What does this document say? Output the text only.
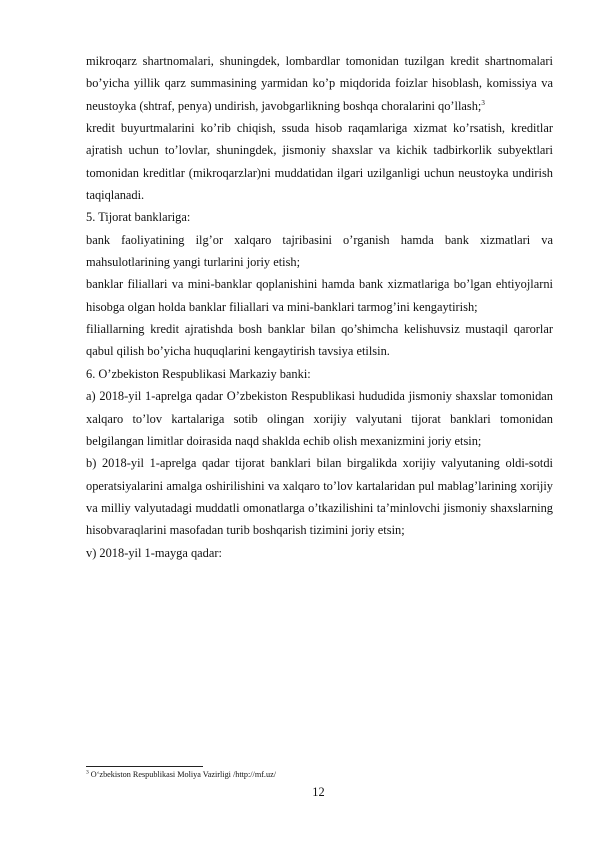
mikroqarz shartnomalari, shuningdek, lombardlar tomonidan tuzilgan kredit shartnomalari bo’yicha yillik qarz summasining yarmidan ko’p miqdorida foizlar hisoblash, komissiya va neustoyka (shtraf, penya) undirish, javobgarlikning boshqa choralarini qo’llash;$^3$

kredit buyurtmalarini ko’rib chiqish, ssuda hisob raqamlariga xizmat ko’rsatish, kreditlar ajratish uchun to’lovlar, shuningdek, jismoniy shaxslar va kichik tadbirkorlik subyektlari tomonidan kreditlar (mikroqarzlar)ni muddatidan ilgari uzilganligi uchun neustoyka undirish taqiqlanadi.

5. Tijorat banklariga:

bank faoliyatining ilg’or xalqaro tajribasini o’rganish hamda bank xizmatlari va mahsulotlarining yangi turlarini joriy etish;

banklar filiallari va mini-banklar qoplanishini hamda bank xizmatlariga bo’lgan ehtiyojlarni hisobga olgan holda banklar filiallari va mini-banklari tarmog’ini kengaytirish;

filiallarning kredit ajratishda bosh banklar bilan qo’shimcha kelishuvsiz mustaqil qarorlar qabul qilish bo’yicha huquqlarini kengaytirish tavsiya etilsin.

6. O’zbekiston Respublikasi Markaziy banki:

a) 2018-yil 1-aprelga qadar O’zbekiston Respublikasi hududida jismoniy shaxslar tomonidan xalqaro to’lov kartalariga sotib olingan xorijiy valyutani tijorat banklari tomonidan belgilangan limitlar doirasida naqd shaklda echib olish mexanizmini joriy etsin;

b) 2018-yil 1-aprelga qadar tijorat banklari bilan birgalikda xorijiy valyutaning oldi-sotdi operatsiyalarini amalga oshirilishini va xalqaro to’lov kartalaridan pul mablag’larining xorijiy va milliy valyutadagi muddatli omonatlarga o’tkazilishini ta’minlovchi jismoniy shaxslarning hisobvaraqlarini masofadan turib boshqarish tizimini joriy etsin;

v) 2018-yil 1-mayga qadar:

$^3$ O‘zbekiston Respublikasi Moliya Vazirligi /http://mf.uz/
12
